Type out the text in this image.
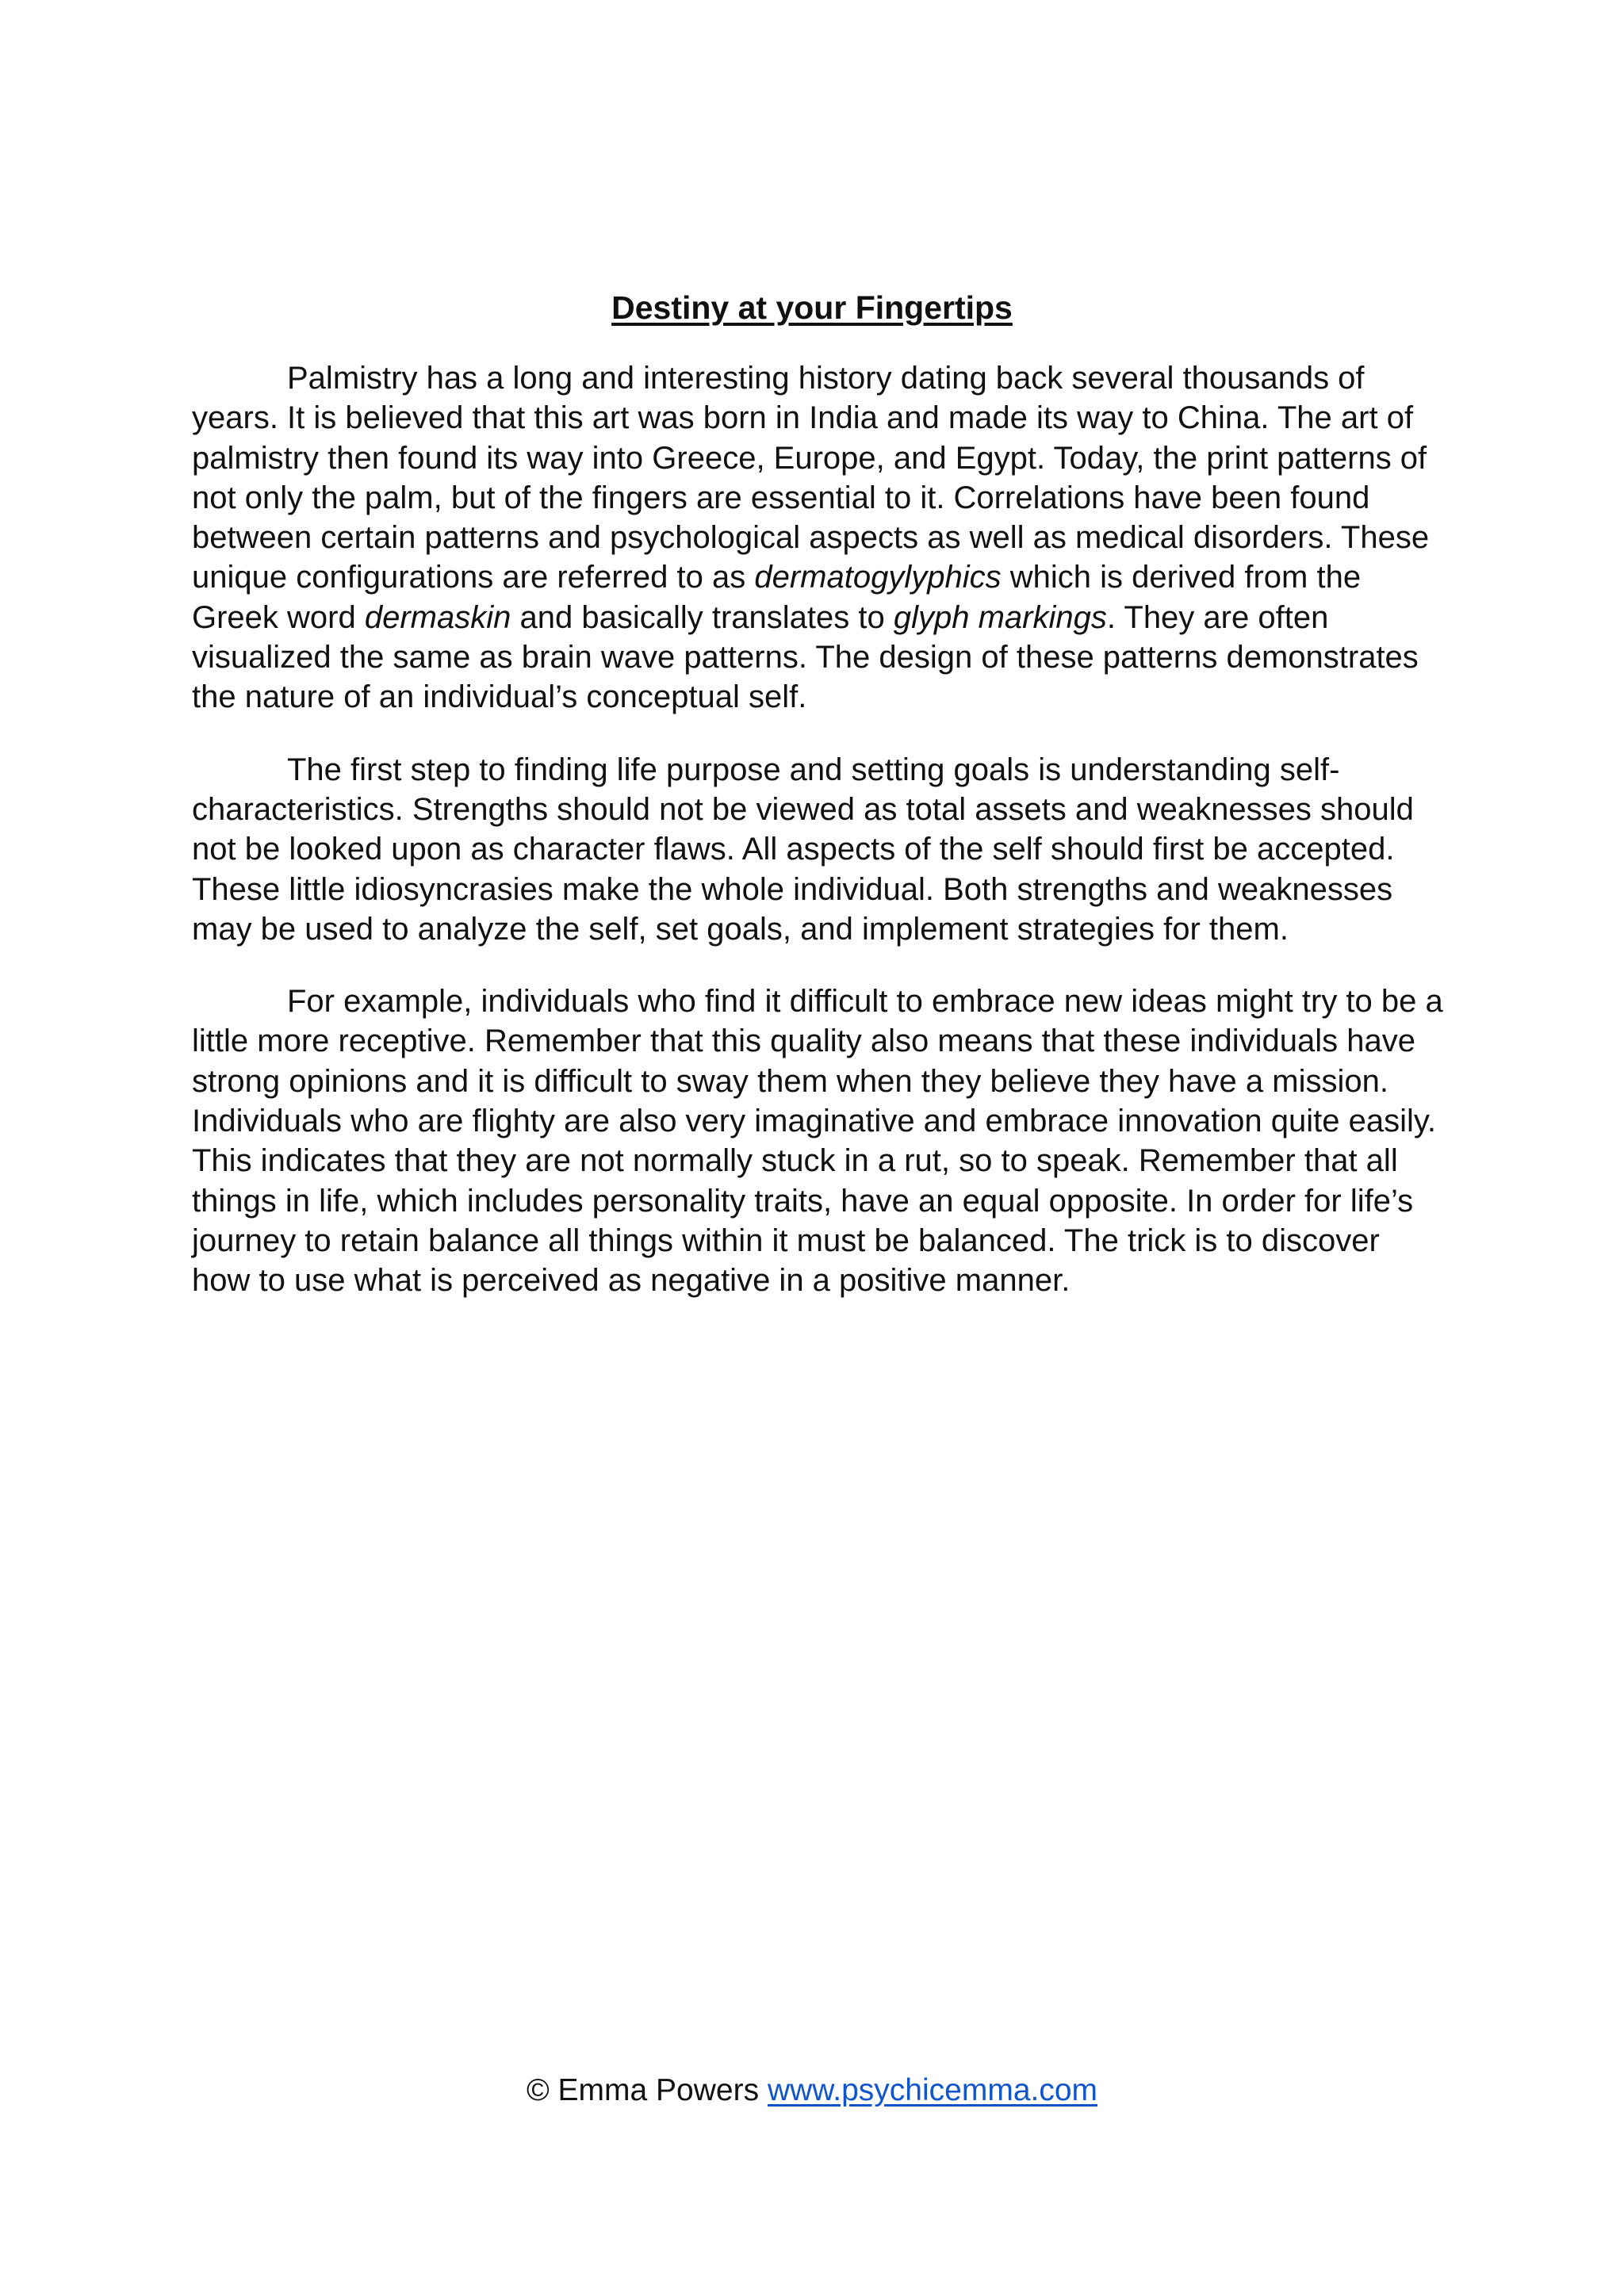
Destiny at your Fingertips

Palmistry has a long and interesting history dating back several thousands of years. It is believed that this art was born in India and made its way to China. The art of palmistry then found its way into Greece, Europe, and Egypt. Today, the print patterns of not only the palm, but of the fingers are essential to it. Correlations have been found between certain patterns and psychological aspects as well as medical disorders. These unique configurations are referred to as dermatogylyphics which is derived from the Greek word dermaskin and basically translates to glyph markings. They are often visualized the same as brain wave patterns. The design of these patterns demonstrates the nature of an individual’s conceptual self.

The first step to finding life purpose and setting goals is understanding self-characteristics. Strengths should not be viewed as total assets and weaknesses should not be looked upon as character flaws. All aspects of the self should first be accepted. These little idiosyncrasies make the whole individual. Both strengths and weaknesses may be used to analyze the self, set goals, and implement strategies for them.

For example, individuals who find it difficult to embrace new ideas might try to be a little more receptive. Remember that this quality also means that these individuals have strong opinions and it is difficult to sway them when they believe they have a mission. Individuals who are flighty are also very imaginative and embrace innovation quite easily. This indicates that they are not normally stuck in a rut, so to speak. Remember that all things in life, which includes personality traits, have an equal opposite. In order for life’s journey to retain balance all things within it must be balanced. The trick is to discover how to use what is perceived as negative in a positive manner.

© Emma Powers www.psychicemma.com
